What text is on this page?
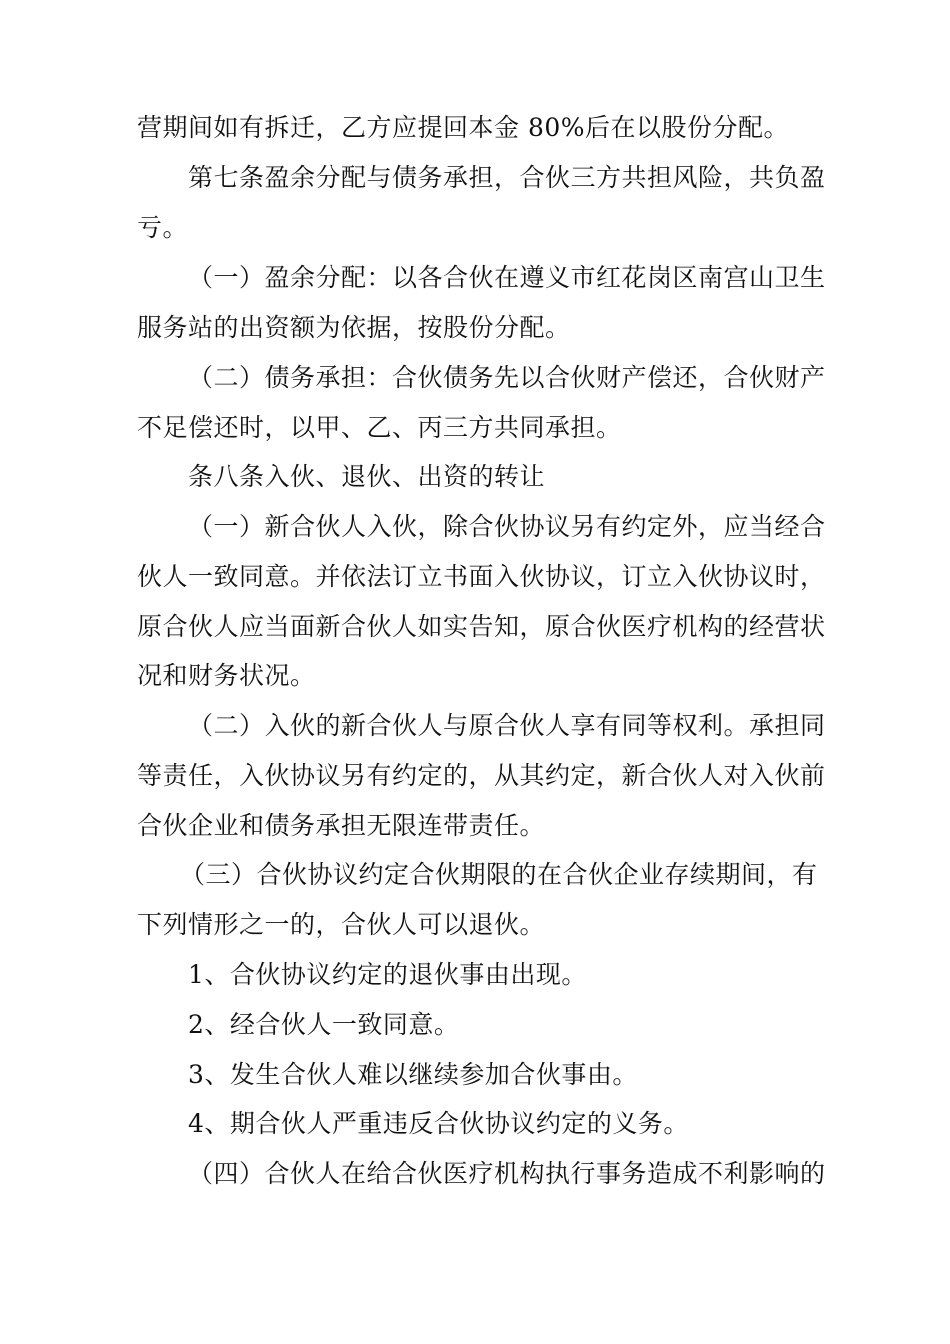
营期间如有拆迁，乙方应提回本金 80%后在以股份分配。
第七条盈余分配与债务承担，合伙三方共担风险，共负盈
亏。
（一）盈余分配：以各合伙在遵义市红花岗区南宫山卫生
服务站的出资额为依据，按股份分配。
（二）债务承担：合伙债务先以合伙财产偿还，合伙财产
不足偿还时，以甲、乙、丙三方共同承担。
条八条入伙、退伙、出资的转让
（一）新合伙人入伙，除合伙协议另有约定外，应当经合
伙人一致同意。并依法订立书面入伙协议，订立入伙协议时，
原合伙人应当面新合伙人如实告知，原合伙医疗机构的经营状
况和财务状况。
（二）入伙的新合伙人与原合伙人享有同等权利。承担同
等责任，入伙协议另有约定的，从其约定，新合伙人对入伙前
合伙企业和债务承担无限连带责任。
（三）合伙协议约定合伙期限的在合伙企业存续期间，有
下列情形之一的，合伙人可以退伙。
1、合伙协议约定的退伙事由出现。
2、经合伙人一致同意。
3、发生合伙人难以继续参加合伙事由。
4、期合伙人严重违反合伙协议约定的义务。
（四）合伙人在给合伙医疗机构执行事务造成不利影响的
